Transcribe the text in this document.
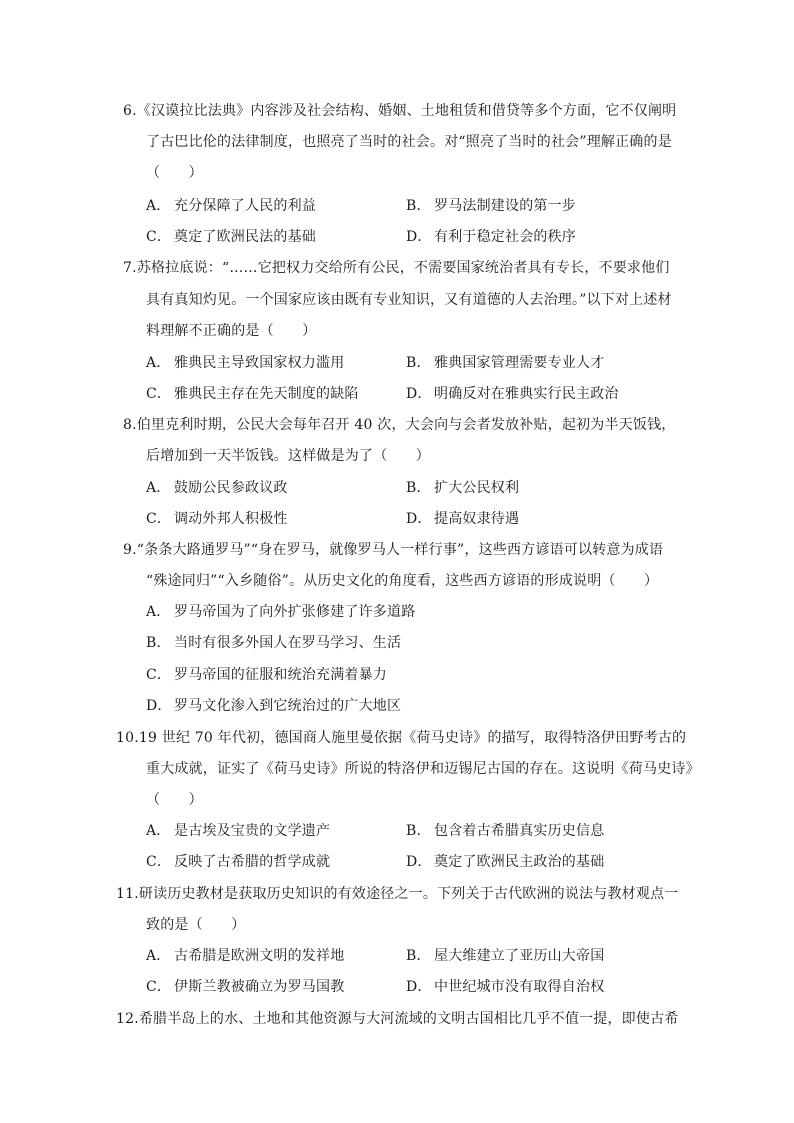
6.《汉谟拉比法典》内容涉及社会结构、婚姻、土地租赁和借贷等多个方面，它不仅阐明
了古巴比伦的法律制度，也照亮了当时的社会。对“照亮了当时的社会”理解正确的是
（　　）
A． 充分保障了人民的利益	B． 罗马法制建设的第一步
C． 奠定了欧洲民法的基础	D． 有利于稳定社会的秩序
7.苏格拉底说：“……它把权力交给所有公民，不需要国家统治者具有专长，不要求他们
具有真知灼见。一个国家应该由既有专业知识，又有道德的人去治理。”以下对上述材
料理解不正确的是（　　）
A． 雅典民主导致国家权力滥用	B． 雅典国家管理需要专业人才
C． 雅典民主存在先天制度的缺陷	D． 明确反对在雅典实行民主政治
8.伯里克利时期，公民大会每年召开 40 次，大会向与会者发放补贴，起初为半天饭钱，
后增加到一天半饭钱。这样做是为了（　　）
A． 鼓励公民参政议政	B． 扩大公民权利
C． 调动外邦人积极性	D． 提高奴隶待遇
9.“条条大路通罗马”“身在罗马，就像罗马人一样行事”，这些西方谚语可以转意为成语
“殊途同归”“入乡随俗”。从历史文化的角度看，这些西方谚语的形成说明（　　）
A． 罗马帝国为了向外扩张修建了许多道路
B． 当时有很多外国人在罗马学习、生活
C． 罗马帝国的征服和统治充满着暴力
D． 罗马文化渗入到它统治过的广大地区
10.19 世纪 70 年代初，德国商人施里曼依据《荷马史诗》的描写，取得特洛伊田野考古的
重大成就，证实了《荷马史诗》所说的特洛伊和迈锡尼古国的存在。这说明《荷马史诗》
（　　）
A． 是古埃及宝贵的文学遗产	B． 包含着古希腊真实历史信息
C． 反映了古希腊的哲学成就	D． 奠定了欧洲民主政治的基础
11.研读历史教材是获取历史知识的有效途径之一。下列关于古代欧洲的说法与教材观点一
致的是（　　）
A． 古希腊是欧洲文明的发祥地	B． 屋大维建立了亚历山大帝国
C． 伊斯兰教被确立为罗马国教	D． 中世纪城市没有取得自治权
12.希腊半岛上的水、土地和其他资源与大河流域的文明古国相比几乎不值一提，即使古希
